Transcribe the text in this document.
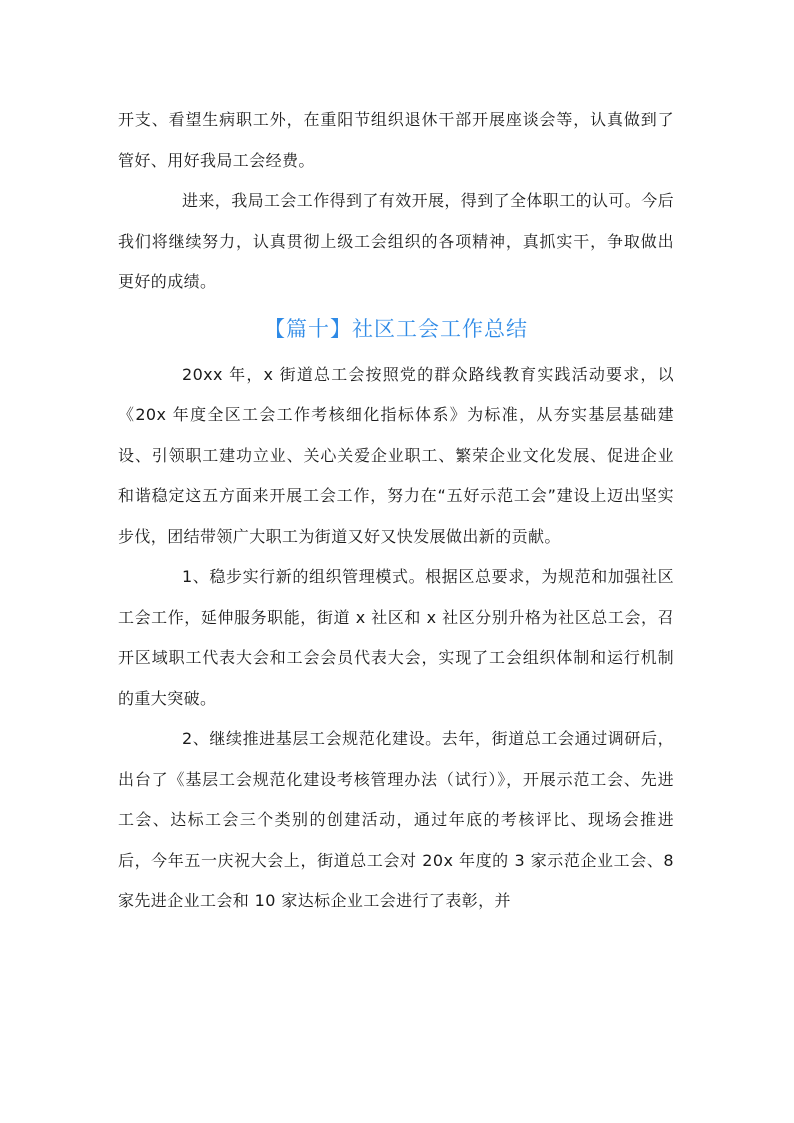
开支、看望生病职工外，在重阳节组织退休干部开展座谈会等，认真做到了管好、用好我局工会经费。

进来，我局工会工作得到了有效开展，得到了全体职工的认可。今后我们将继续努力，认真贯彻上级工会组织的各项精神，真抓实干，争取做出更好的成绩。

【篇十】社区工会工作总结

20xx 年，x 街道总工会按照党的群众路线教育实践活动要求，以《20x 年度全区工会工作考核细化指标体系》为标准，从夯实基层基础建设、引领职工建功立业、关心关爱企业职工、繁荣企业文化发展、促进企业和谐稳定这五方面来开展工会工作，努力在“五好示范工会”建设上迈出坚实步伐，团结带领广大职工为街道又好又快发展做出新的贡献。

1、稳步实行新的组织管理模式。根据区总要求，为规范和加强社区工会工作，延伸服务职能，街道 x 社区和 x 社区分别升格为社区总工会，召开区域职工代表大会和工会会员代表大会，实现了工会组织体制和运行机制的重大突破。

2、继续推进基层工会规范化建设。去年，街道总工会通过调研后，出台了《基层工会规范化建设考核管理办法（试行）》，开展示范工会、先进工会、达标工会三个类别的创建活动，通过年底的考核评比、现场会推进后，今年五一庆祝大会上，街道总工会对 20x 年度的 3 家示范企业工会、8 家先进企业工会和 10 家达标企业工会进行了表彰，并
